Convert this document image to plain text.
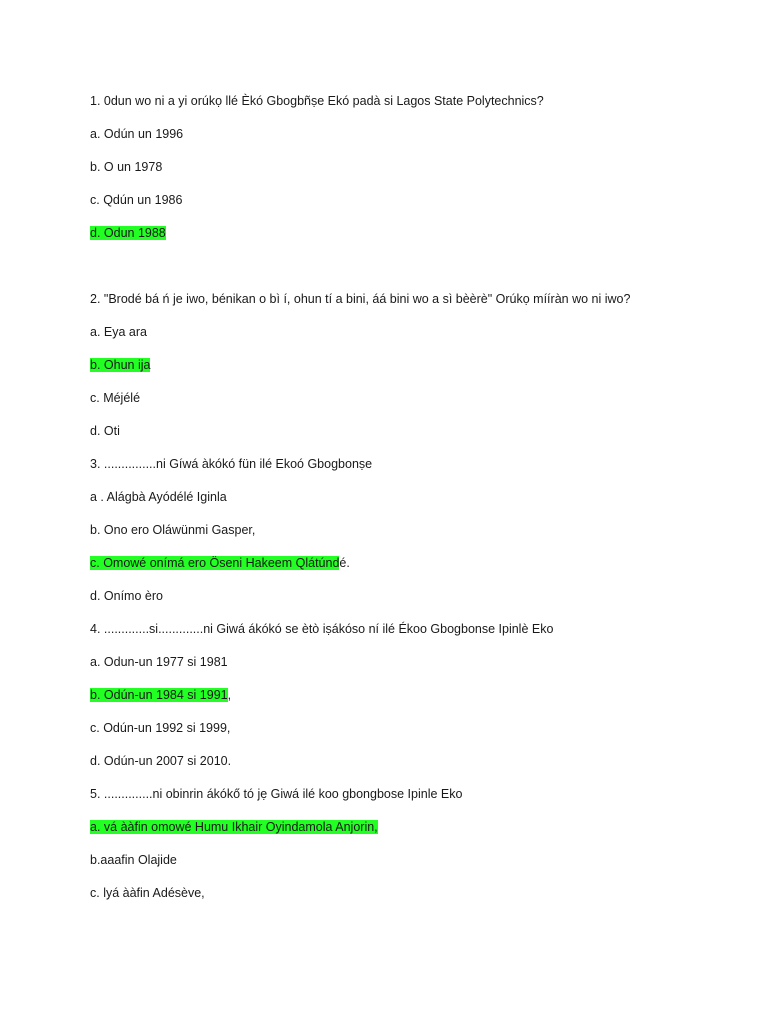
1. 0dun wo ni a yi orúkọ llé Èkó Gbogbñṣe Ekó padà si Lagos State Polytechnics?
a. Odún un 1996
b. O un 1978
c. Qdún un 1986
d. Odun 1988
2. "Brodé bá ń je iwo, bénikan o bì í, ohun tí a bini, áá bini wo a sì bèèrè" Orúkọ mííràn wo ni iwo?
a. Eya ara
b. Ohun ija
c. Méjélé
d. Oti
3. ...............ni Gíwá àkókó fün ilé Ekoó Gbogbonṣe
a . Alágbà Ayódélé Iginla
b. Ono ero Oláwünmi Gasper,
c. Omowé onímá ero Öseni Hakeem Qlátúndé.
d. Onímo èro
4. .............si.............ni Giwá ákókó se ètò iṣákóso ní ilé Ékoo Gbogbonse Ipinlè Eko
a. Odun-un 1977 si 1981
b. Odún-un 1984 si 1991,
c. Odún-un 1992 si 1999,
d. Odún-un 2007 si 2010.
5. ..............ni obinrin ákókő tó jẹ Giwá ilé koo gbongbose Ipinle Eko
a. vá ààfin omowé Humu Ikhair Oyindamola Anjorin,
b.aaafin Olajide
c. lyá ààfin Adésève,
